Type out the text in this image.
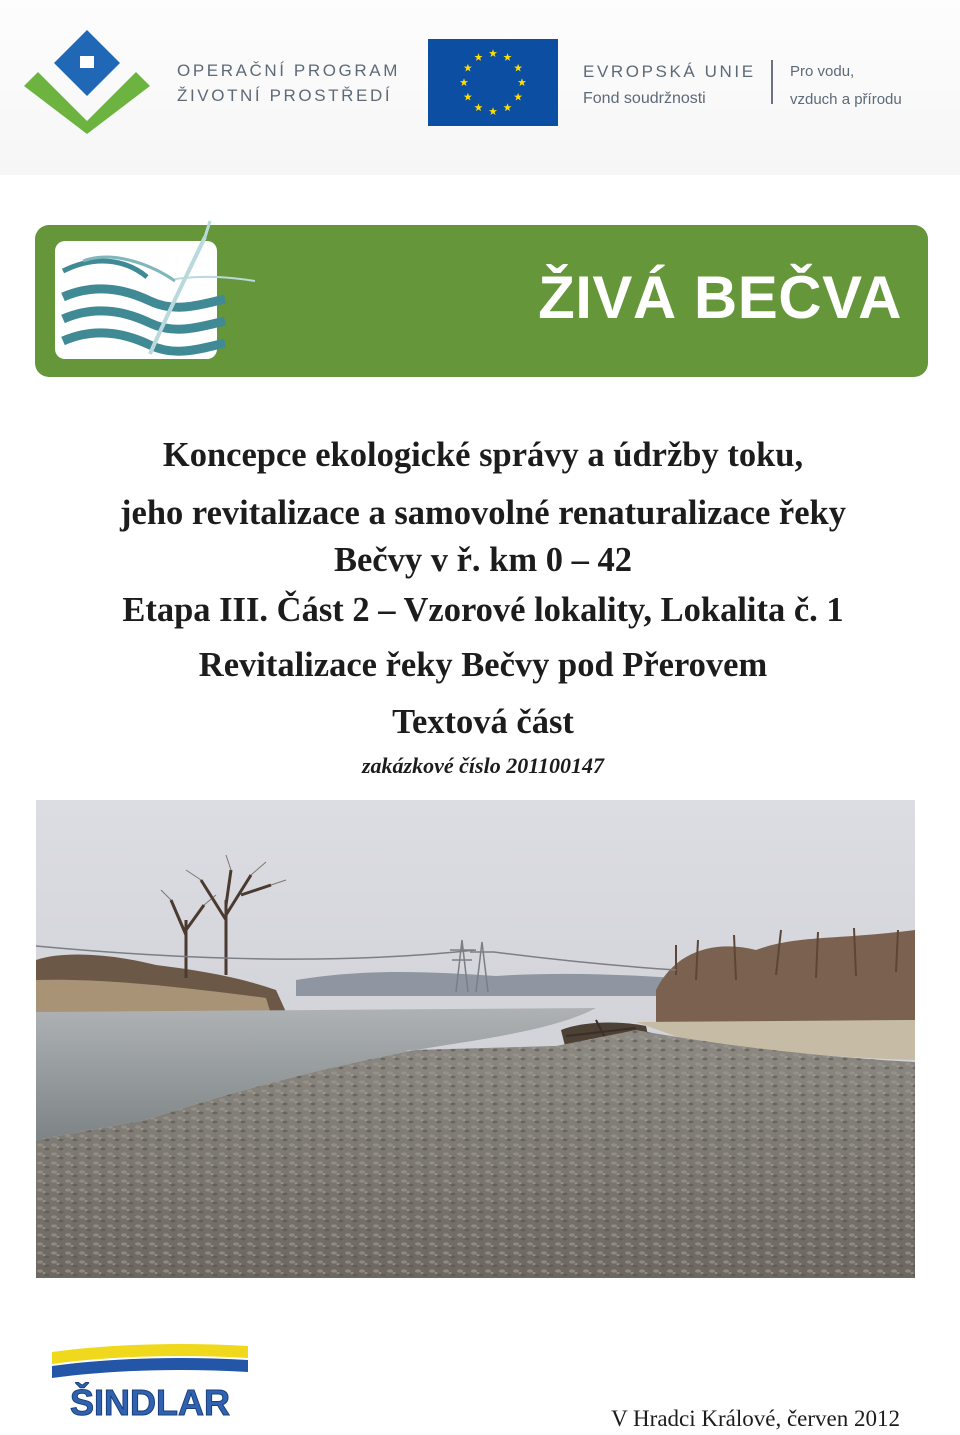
OPERAČNÍ PROGRAM
ŽIVOTNÍ PROSTŘEDÍ
EVROPSKÁ UNIE
Fond soudržnosti
Pro vodu,
vzduch a přírodu
ŽIVÁ BEČVA

Koncepce ekologické správy a údržby toku,

jeho revitalizace a samovolné renaturalizace řeky

Bečvy v ř. km 0 – 42

Etapa III. Část 2 – Vzorové lokality, Lokalita č. 1

Revitalizace řeky Bečvy pod Přerovem

Textová část

zakázkové číslo 201100147

ŠINDLAR	V Hradci Králové, červen 2012
